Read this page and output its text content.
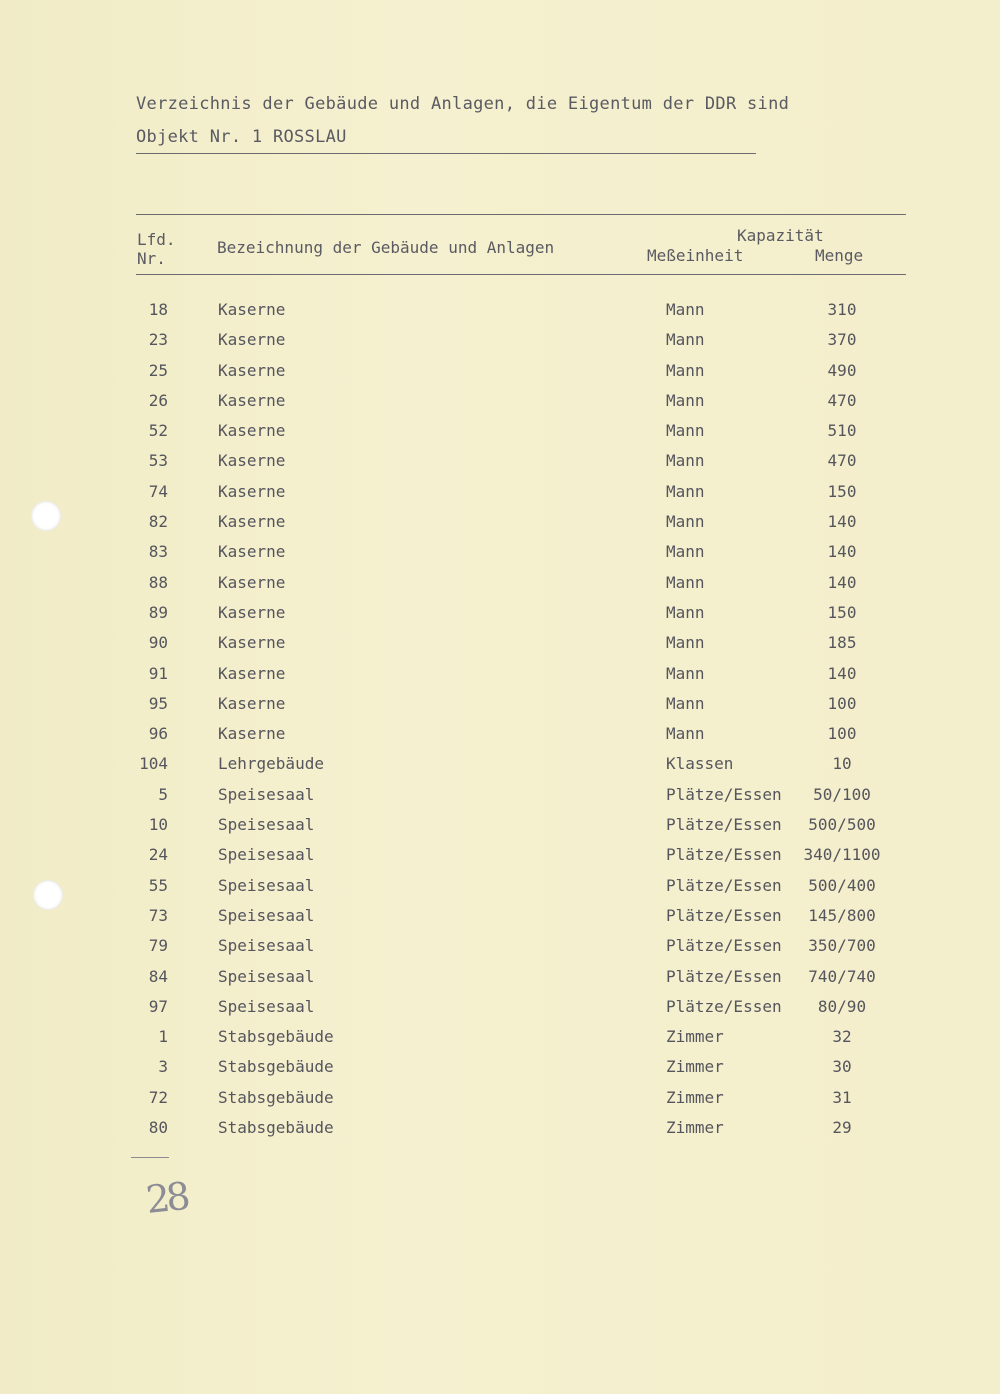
Verzeichnis der Gebäude und Anlagen, die Eigentum der DDR sind
Objekt Nr. 1 ROSSLAU
Lfd.
Nr.
Bezeichnung der Gebäude und Anlagen
Kapazität
Meßeinheit	Menge
18	Kaserne	Mann	310
23	Kaserne	Mann	370
25	Kaserne	Mann	490
26	Kaserne	Mann	470
52	Kaserne	Mann	510
53	Kaserne	Mann	470
74	Kaserne	Mann	150
82	Kaserne	Mann	140
83	Kaserne	Mann	140
88	Kaserne	Mann	140
89	Kaserne	Mann	150
90	Kaserne	Mann	185
91	Kaserne	Mann	140
95	Kaserne	Mann	100
96	Kaserne	Mann	100
104	Lehrgebäude	Klassen	10
5	Speisesaal	Plätze/Essen	50/100
10	Speisesaal	Plätze/Essen	500/500
24	Speisesaal	Plätze/Essen 340/1100
55	Speisesaal	Plätze/Essen	500/400
73	Speisesaal	Plätze/Essen	145/800
79	Speisesaal	Plätze/Essen	350/700
84	Speisesaal	Plätze/Essen	740/740
97	Speisesaal	Plätze/Essen	80/90
1	Stabsgebäude	Zimmer	32
3	Stabsgebäude	Zimmer	30
72	Stabsgebäude	Zimmer	31
80	Stabsgebäude	Zimmer	29
28
